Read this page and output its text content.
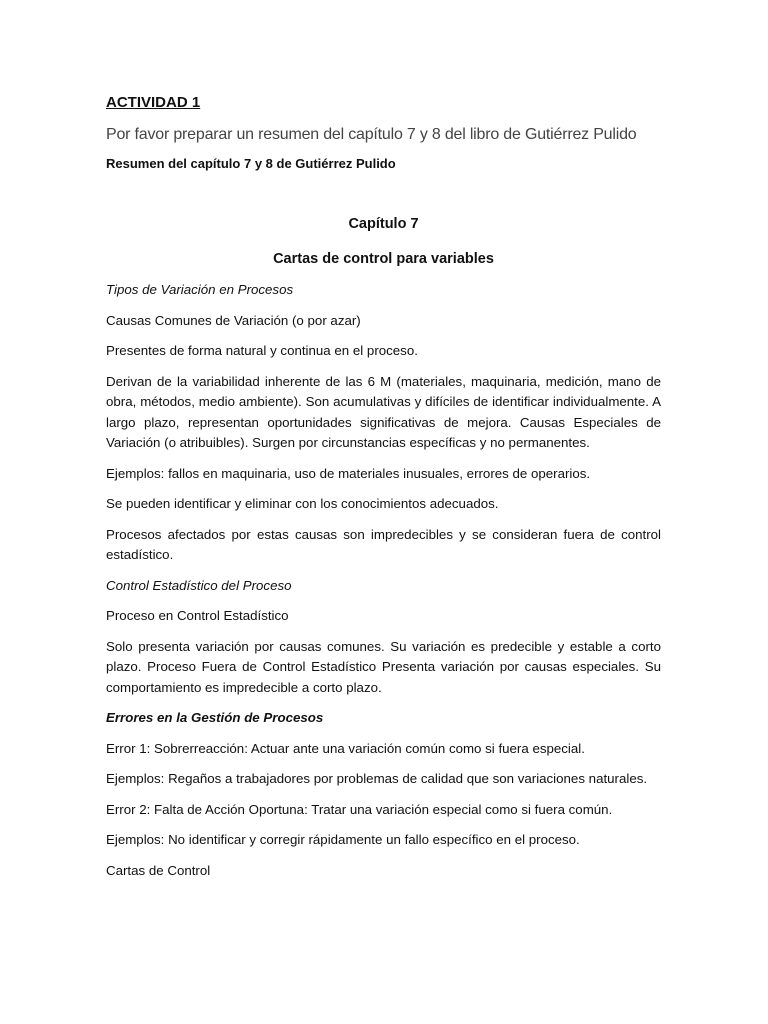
ACTIVIDAD 1

Por favor preparar un resumen del capítulo 7 y 8 del libro de Gutiérrez Pulido

Resumen del capítulo 7 y 8 de Gutiérrez Pulido

Capítulo 7

Cartas de control para variables

Tipos de Variación en Procesos

Causas Comunes de Variación (o por azar)

Presentes de forma natural y continua en el proceso.

Derivan de la variabilidad inherente de las 6 M (materiales, maquinaria, medición, mano de obra, métodos, medio ambiente). Son acumulativas y difíciles de identificar individualmente. A largo plazo, representan oportunidades significativas de mejora. Causas Especiales de Variación (o atribuibles). Surgen por circunstancias específicas y no permanentes.

Ejemplos: fallos en maquinaria, uso de materiales inusuales, errores de operarios.

Se pueden identificar y eliminar con los conocimientos adecuados.

Procesos afectados por estas causas son impredecibles y se consideran fuera de control estadístico.

Control Estadístico del Proceso

Proceso en Control Estadístico

Solo presenta variación por causas comunes. Su variación es predecible y estable a corto plazo. Proceso Fuera de Control Estadístico Presenta variación por causas especiales. Su comportamiento es impredecible a corto plazo.

Errores en la Gestión de Procesos

Error 1: Sobrerreacción: Actuar ante una variación común como si fuera especial.

Ejemplos: Regaños a trabajadores por problemas de calidad que son variaciones naturales.

Error 2: Falta de Acción Oportuna: Tratar una variación especial como si fuera común.

Ejemplos: No identificar y corregir rápidamente un fallo específico en el proceso.

Cartas de Control
